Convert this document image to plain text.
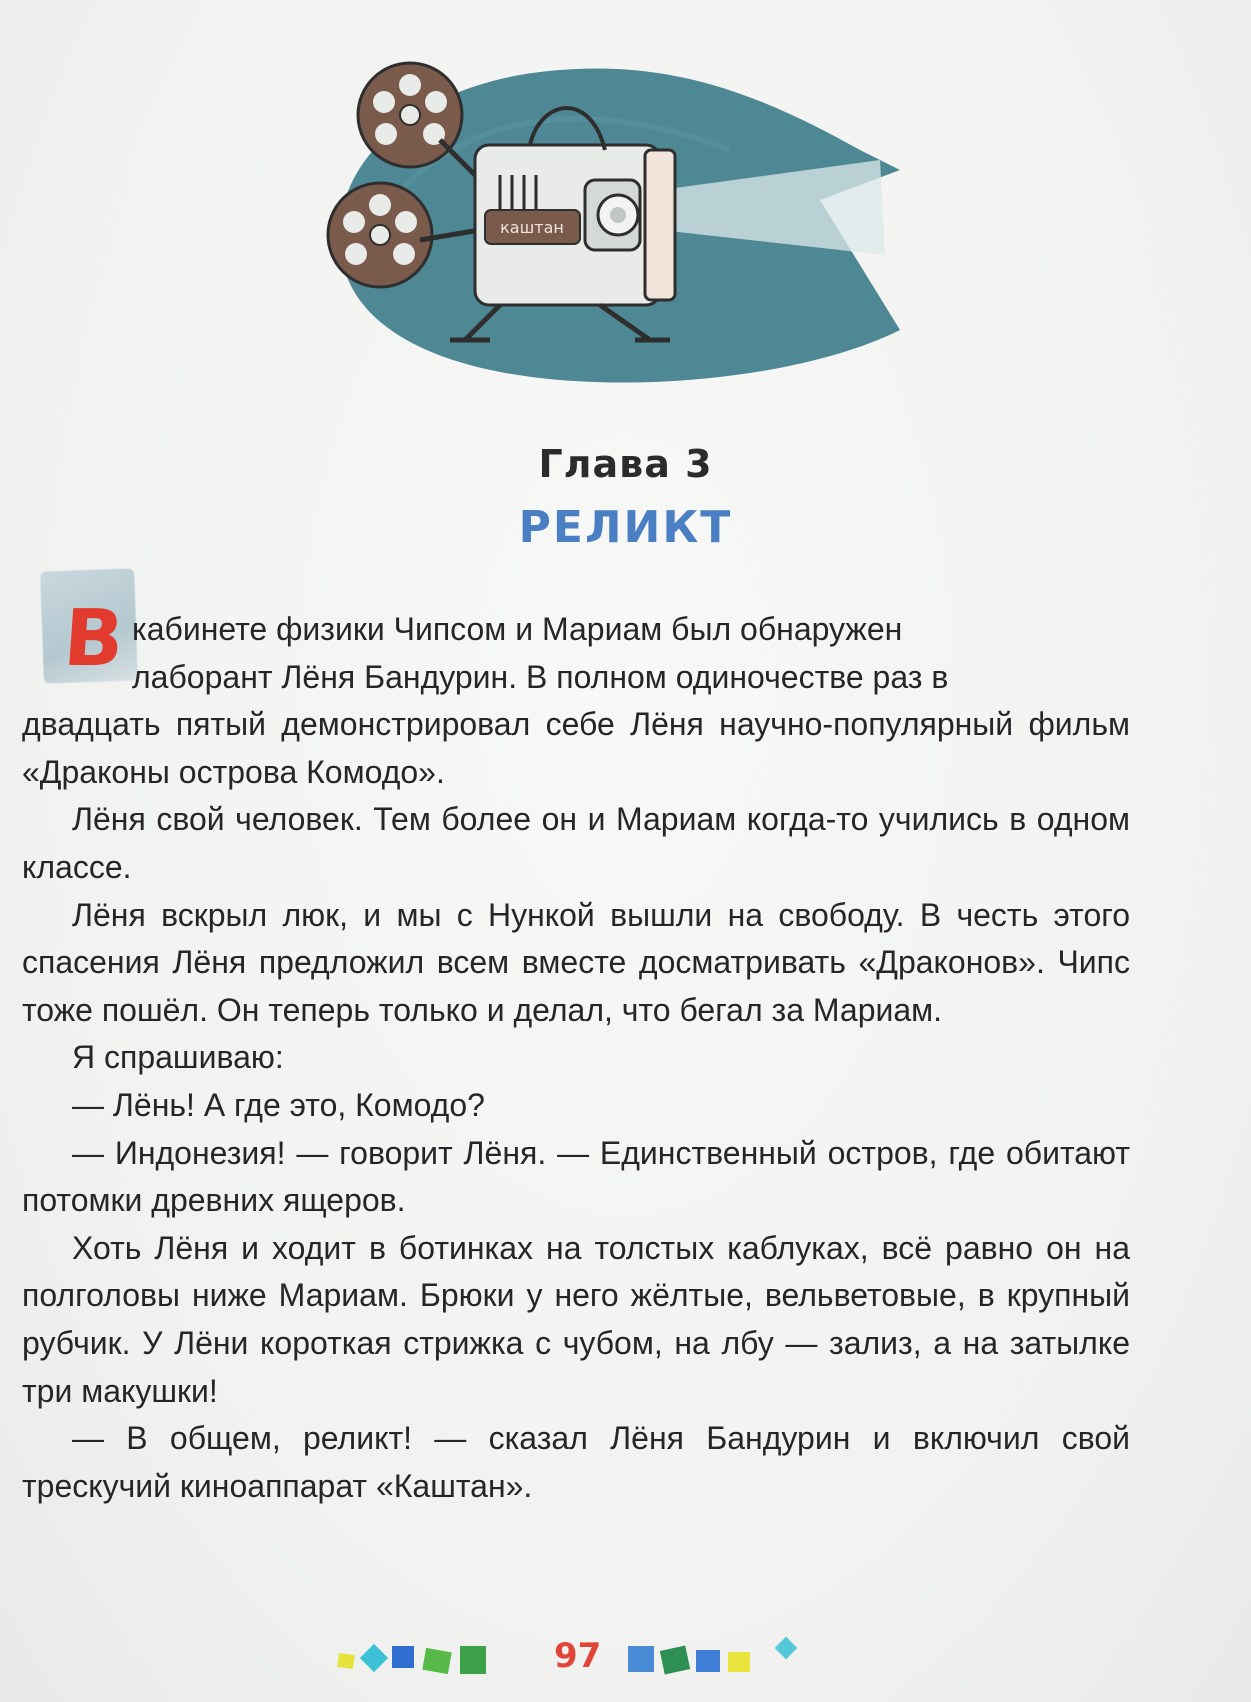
каштан
Глава 3
РЕЛИКТ
В кабинете физики Чипсом и Мариам был обнаружен

лаборант Лёня Бандурин. В полном одиночестве раз в

двадцать пятый демонстрировал себе Лёня научно-популярный фильм «Драконы острова Комодо».

Лёня свой человек. Тем более он и Мариам когда-то учились в одном классе.

Лёня вскрыл люк, и мы с Нункой вышли на свободу. В честь этого спасения Лёня предложил всем вместе досматривать «Драконов». Чипс тоже пошёл. Он теперь только и делал, что бегал за Мариам.

Я спрашиваю:

— Лёнь! А где это, Комодо?

— Индонезия! — говорит Лёня. — Единственный остров, где обитают потомки древних ящеров.

Хоть Лёня и ходит в ботинках на толстых каблуках, всё равно он на полголовы ниже Мариам. Брюки у него жёлтые, вельветовые, в крупный рубчик. У Лёни короткая стрижка с чубом, на лбу — зализ, а на затылке три макушки!

— В общем, реликт! — сказал Лёня Бандурин и включил свой трескучий киноаппарат «Каштан».

97
